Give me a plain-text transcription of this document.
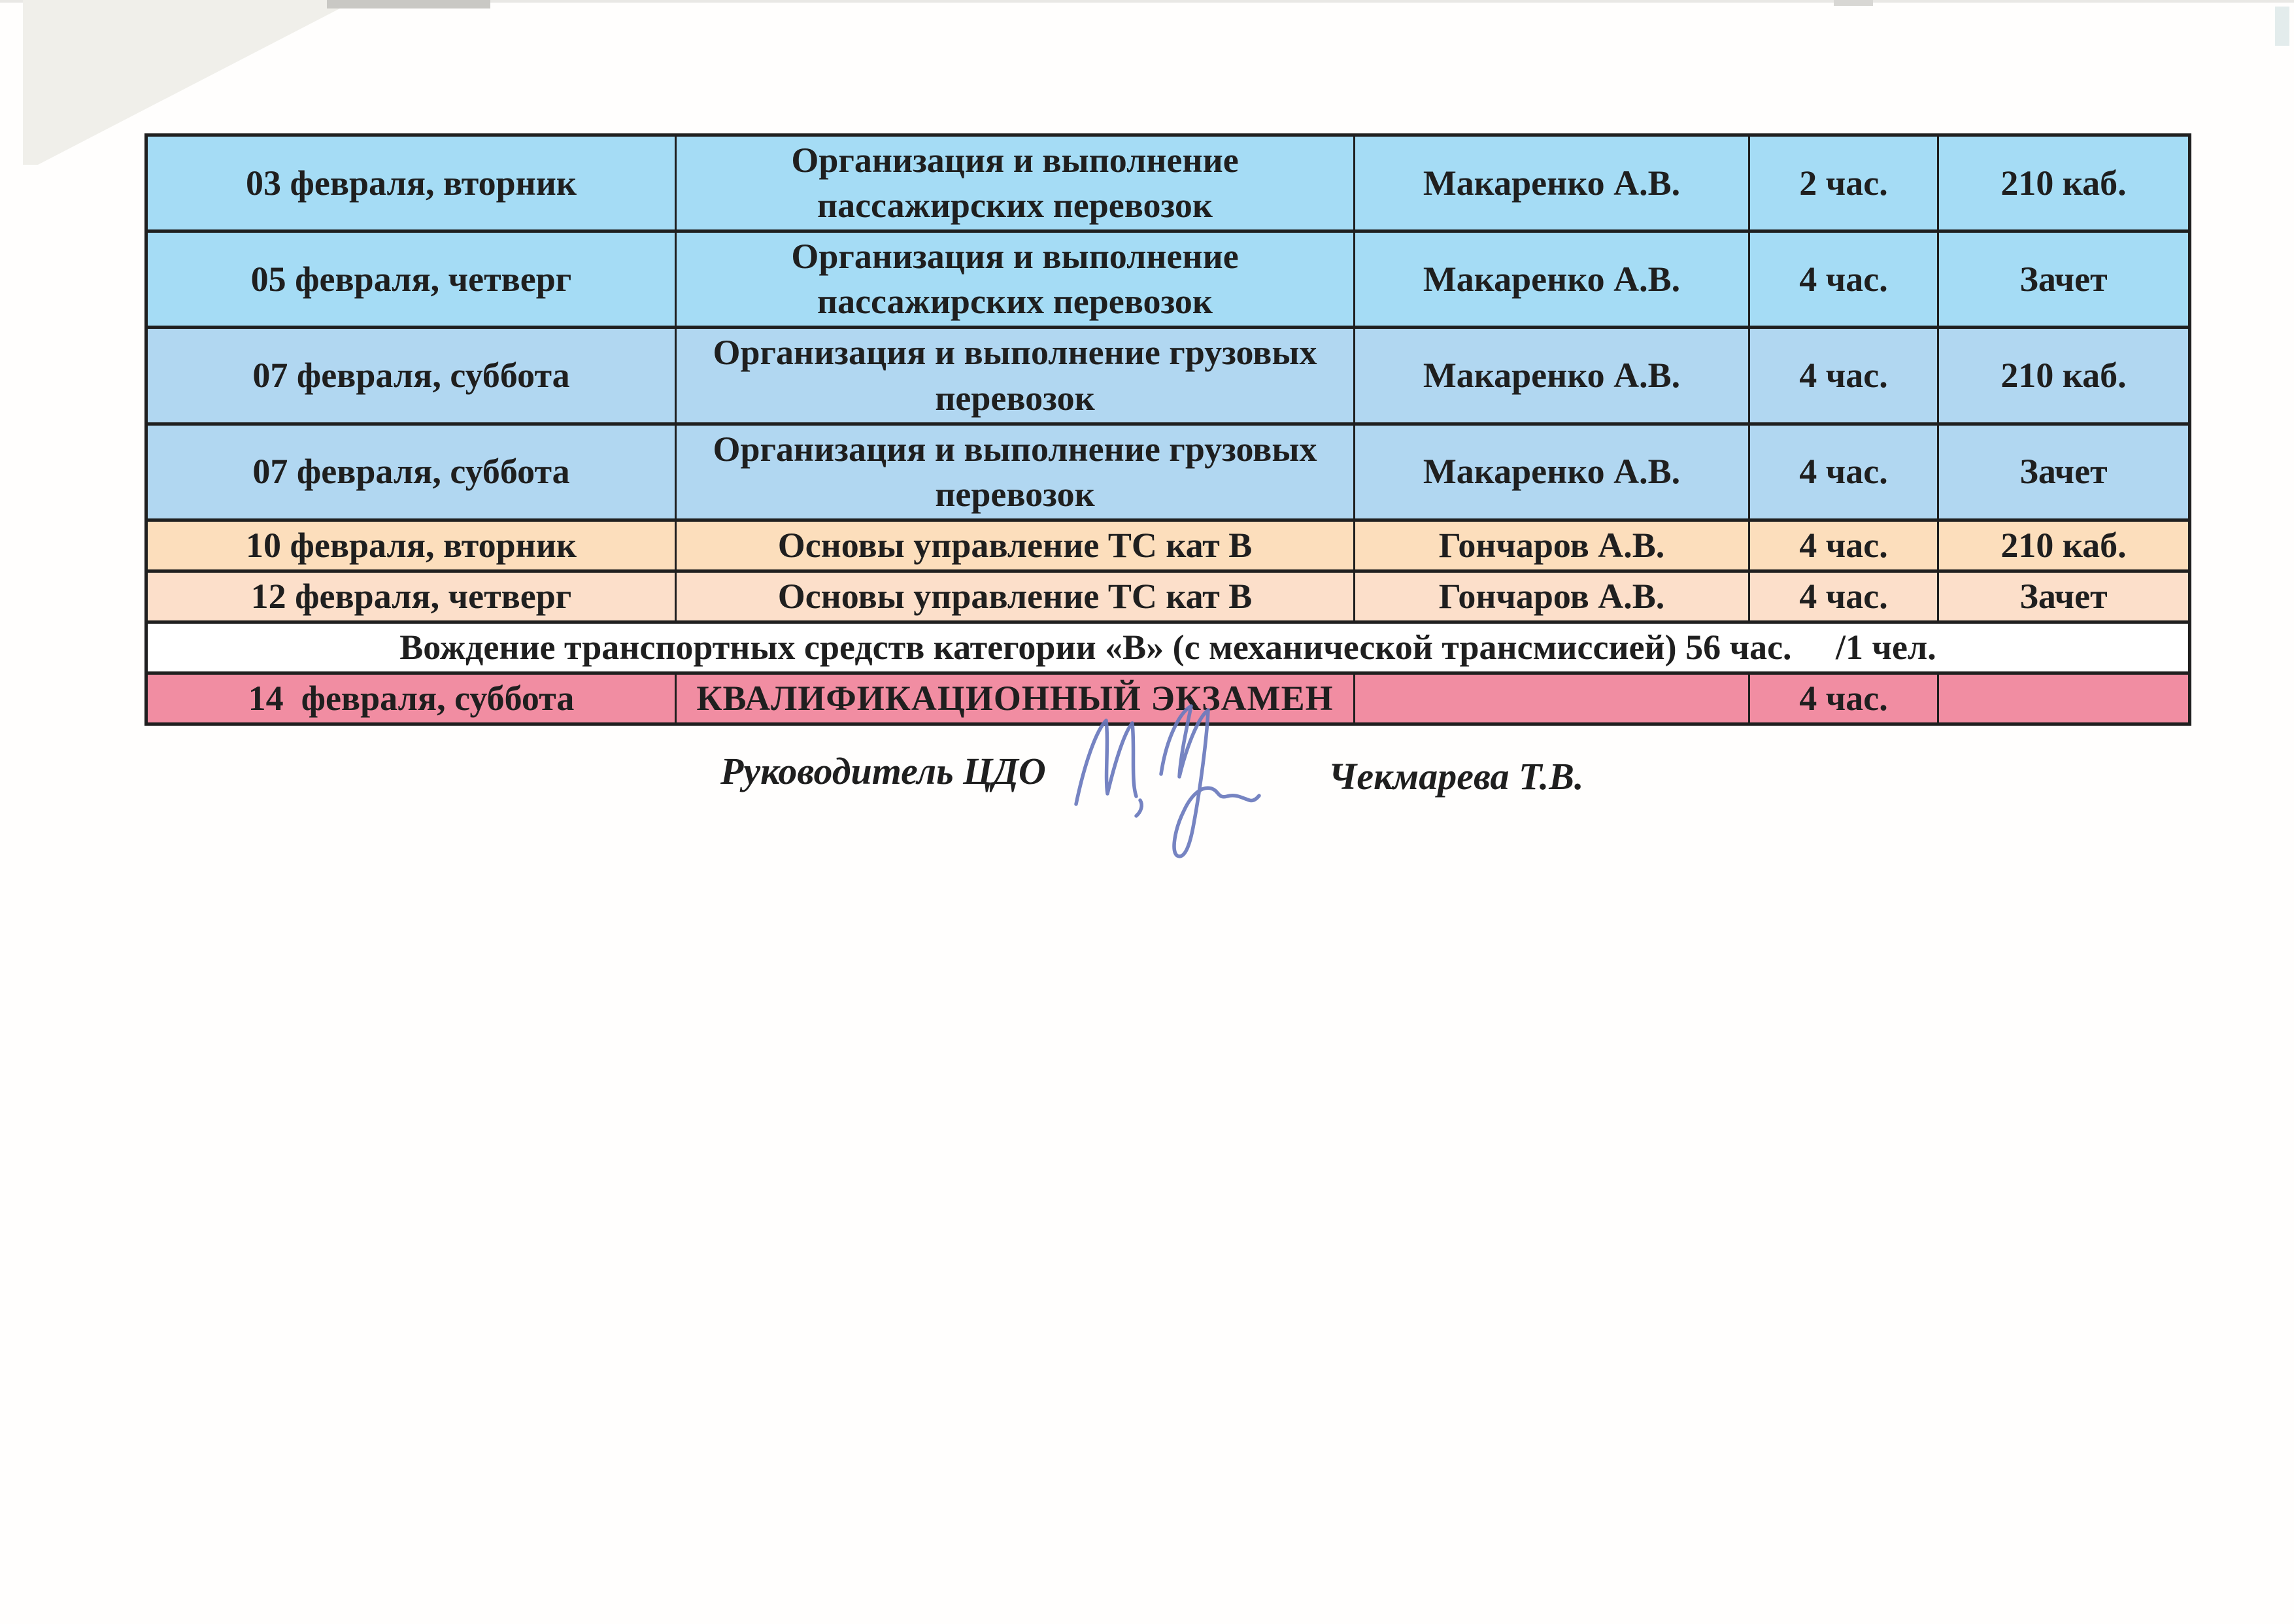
03 февраля, вторник	Организация и выполнение пассажирских перевозок	Макаренко А.В.	2 час.	210 каб.
05 февраля, четверг	Организация и выполнение пассажирских перевозок	Макаренко А.В.	4 час.	Зачет
07 февраля, суббота	Организация и выполнение грузовых перевозок	Макаренко А.В.	4 час.	210 каб.
07 февраля, суббота	Организация и выполнение грузовых перевозок	Макаренко А.В.	4 час.	Зачет
10 февраля, вторник	Основы управление ТС кат В	Гончаров А.В.	4 час.	210 каб.
12 февраля, четверг	Основы управление ТС кат В	Гончаров А.В.	4 час.	Зачет
Вождение транспортных средств категории «В» (с механической трансмиссией) 56 час.     /1 чел.				
14  февраля, суббота	КВАЛИФИКАЦИОННЫЙ ЭКЗАМЕН		4 час.	
Руководитель ЦДО	Чекмарева Т.В.
